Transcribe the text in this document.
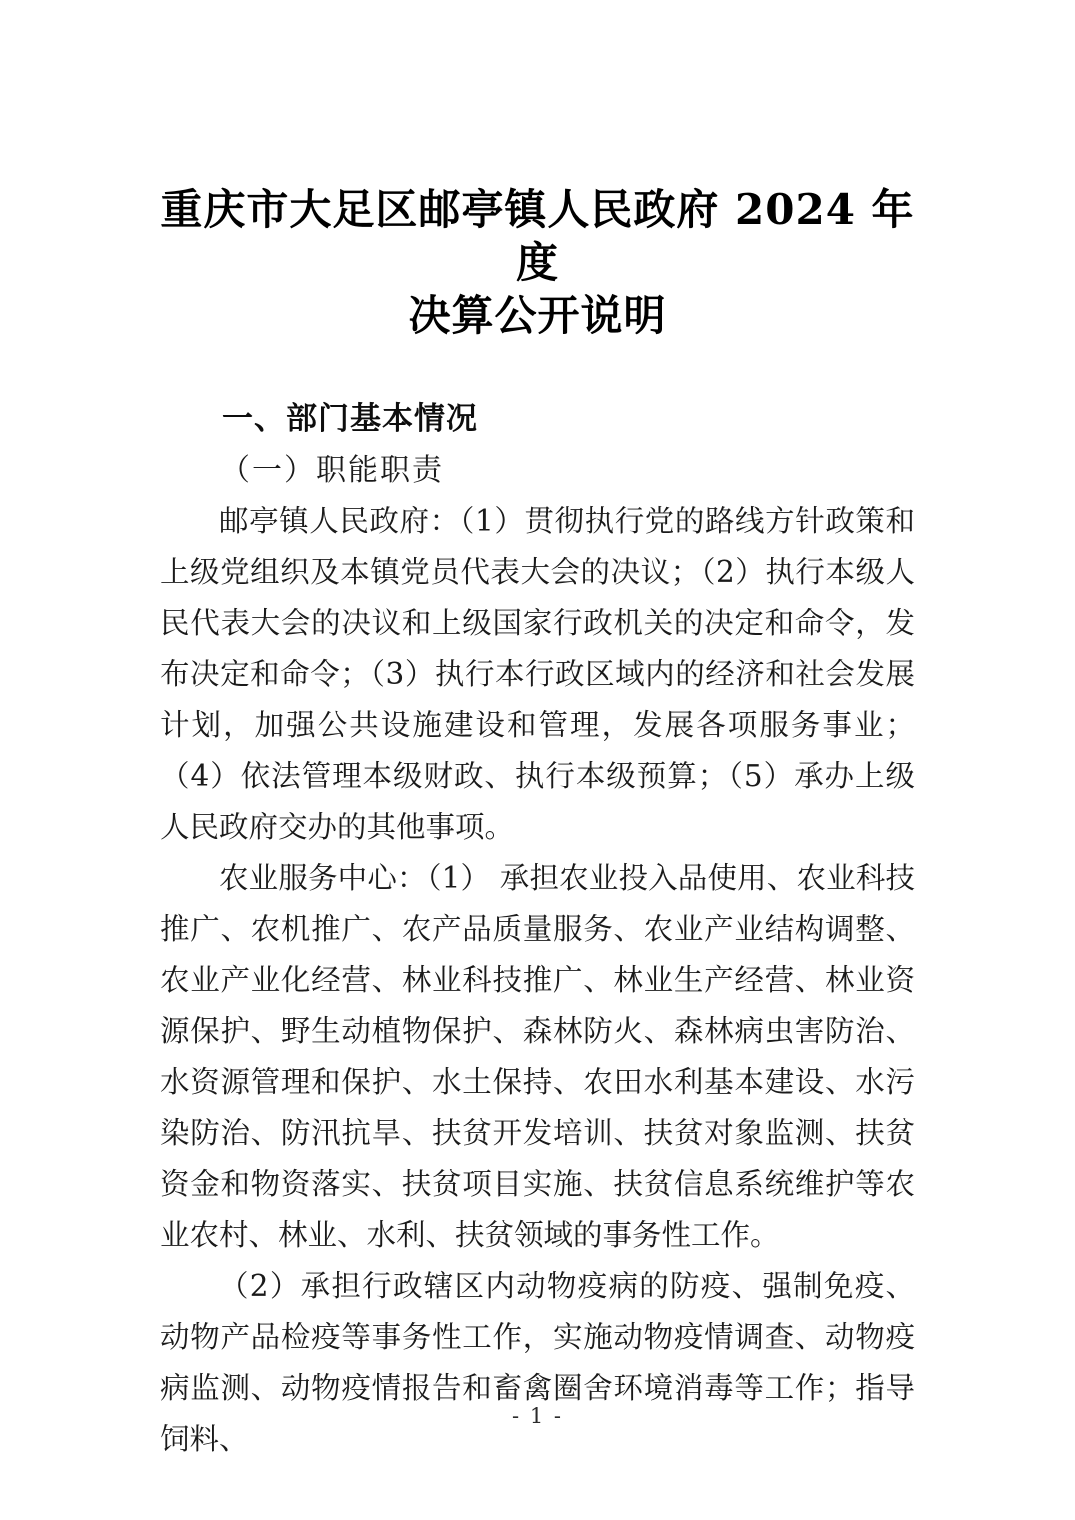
重庆市大足区邮亭镇人民政府 2024 年度
决算公开说明
一、部门基本情况
（一）职能职责

邮亭镇人民政府：（1）贯彻执行党的路线方针政策和上级党组织及本镇党员代表大会的决议；（2）执行本级人民代表大会的决议和上级国家行政机关的决定和命令，发布决定和命令；（3）执行本行政区域内的经济和社会发展计划，加强公共设施建设和管理，发展各项服务事业；（4）依法管理本级财政、执行本级预算；（5）承办上级人民政府交办的其他事项。

农业服务中心：（1） 承担农业投入品使用、农业科技推广、农机推广、农产品质量服务、农业产业结构调整、农业产业化经营、林业科技推广、林业生产经营、林业资源保护、野生动植物保护、森林防火、森林病虫害防治、水资源管理和保护、水土保持、农田水利基本建设、水污染防治、防汛抗旱、扶贫开发培训、扶贫对象监测、扶贫资金和物资落实、扶贫项目实施、扶贫信息系统维护等农业农村、林业、水利、扶贫领域的事务性工作。

（2）承担行政辖区内动物疫病的防疫、强制免疫、动物产品检疫等事务性工作，实施动物疫情调查、动物疫病监测、动物疫情报告和畜禽圈舍环境消毒等工作；指导饲料、

- 1 -
